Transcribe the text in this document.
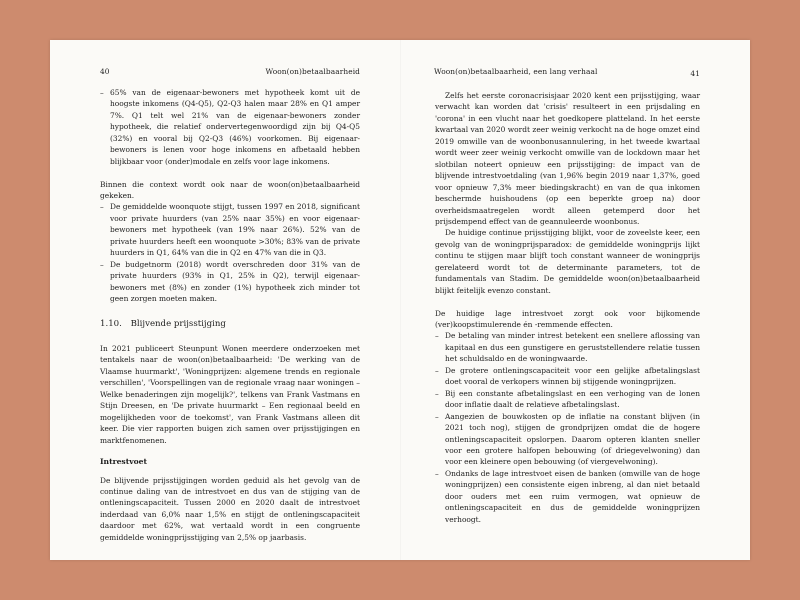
40	Woon(on)betaalbaarheid
– 65% van de eigenaar-bewoners met hypotheek komt uit de hoogste inkomens (Q4-Q5), Q2-Q3 halen maar 28% en Q1 amper 7%. Q1 telt wel 21% van de eigenaar-bewoners zonder hypotheek, die relatief ondervertegenwoordigd zijn bij Q4-Q5 (32%) en vooral bij Q2-Q3 (46%) voorkomen. Bij eigenaar-bewoners is lenen voor hoge inkomens en afbetaald hebben blijkbaar voor (onder)modale en zelfs voor lage inkomens.

Binnen die context wordt ook naar de woon(on)betaalbaarheid gekeken.

– De gemiddelde woonquote stijgt, tussen 1997 en 2018, significant voor private huurders (van 25% naar 35%) en voor eigenaar-bewoners met hypotheek (van 19% naar 26%). 52% van de private huurders heeft een woonquote >30%; 83% van de private huurders in Q1, 64% van die in Q2 en 47% van die in Q3.
– De budgetnorm (2018) wordt overschreden door 31% van de private huurders (93% in Q1, 25% in Q2), terwijl eigenaar-bewoners met (8%) en zonder (1%) hypotheek zich minder tot geen zorgen moeten maken.
1.10. Blijvende prijsstijging

In 2021 publiceert Steunpunt Wonen meerdere onderzoeken met tentakels naar de woon(on)betaalbaarheid: 'De werking van de Vlaamse huurmarkt', 'Woningprijzen: algemene trends en regionale verschillen', 'Voorspellingen van de regionale vraag naar woningen – Welke benaderingen zijn mogelijk?', telkens van Frank Vastmans en Stijn Dreesen, en 'De private huurmarkt – Een regionaal beeld en mogelijkheden voor de toekomst', van Frank Vastmans alleen dit keer. Die vier rapporten buigen zich samen over prijsstijgingen en marktfenomenen.

Intrestvoet

De blijvende prijsstijgingen worden geduid als het gevolg van de continue daling van de intrestvoet en dus van de stijging van de ontleningscapaciteit. Tussen 2000 en 2020 daalt de intrestvoet inderdaad van 6,0% naar 1,5% en stijgt de ontleningscapaciteit daardoor met 62%, wat vertaald wordt in een congruente gemiddelde woningprijsstijging van 2,5% op jaarbasis.

Woon(on)betaalbaarheid, een lang verhaal	41

Zelfs het eerste coronacrisisjaar 2020 kent een prijsstijging, waar verwacht kan worden dat 'crisis' resulteert in een prijsdaling en 'corona' in een vlucht naar het goedkopere platteland. In het eerste kwartaal van 2020 wordt zeer weinig verkocht na de hoge omzet eind 2019 omwille van de woonbonusannulering, in het tweede kwartaal wordt weer zeer weinig verkocht omwille van de lockdown maar het slotbilan noteert opnieuw een prijsstijging: de impact van de blijvende intrestvoetdaling (van 1,96% begin 2019 naar 1,37%, goed voor opnieuw 7,3% meer biedingskracht) en van de qua inkomen beschermde huishoudens (op een beperkte groep na) door overheidsmaatregelen wordt alleen getemperd door het prijsdempend effect van de geannuleerde woonbonus.

De huidige continue prijsstijging blijkt, voor de zoveelste keer, een gevolg van de woningprijsparadox: de gemiddelde woningprijs lijkt continu te stijgen maar blijft toch constant wanneer de woningprijs gerelateerd wordt tot de determinante parameters, tot de fundamentals van Stadim. De gemiddelde woon(on)betaalbaarheid blijkt feitelijk evenzo constant.

De huidige lage intrestvoet zorgt ook voor bijkomende (ver)koopstimulerende én -remmende effecten.

– De betaling van minder intrest betekent een snellere aflossing van kapitaal en dus een gunstigere en geruststellendere relatie tussen het schuldsaldo en de woningwaarde.
– De grotere ontleningscapaciteit voor een gelijke afbetalingslast doet vooral de verkopers winnen bij stijgende woningprijzen.
– Bij een constante afbetalingslast en een verhoging van de lonen door inflatie daalt de relatieve afbetalingslast.
– Aangezien de bouwkosten op de inflatie na constant blijven (in 2021 toch nog), stijgen de grondprijzen omdat die de hogere ontleningscapaciteit opslorpen. Daarom opteren klanten sneller voor een grotere halfopen bebouwing (of driegevelwoning) dan voor een kleinere open bebouwing (of viergevelwoning).
– Ondanks de lage intrestvoet eisen de banken (omwille van de hoge woningprijzen) een consistente eigen inbreng, al dan niet betaald door ouders met een ruim vermogen, wat opnieuw de ontleningscapaciteit en dus de gemiddelde woningprijzen verhoogt.
